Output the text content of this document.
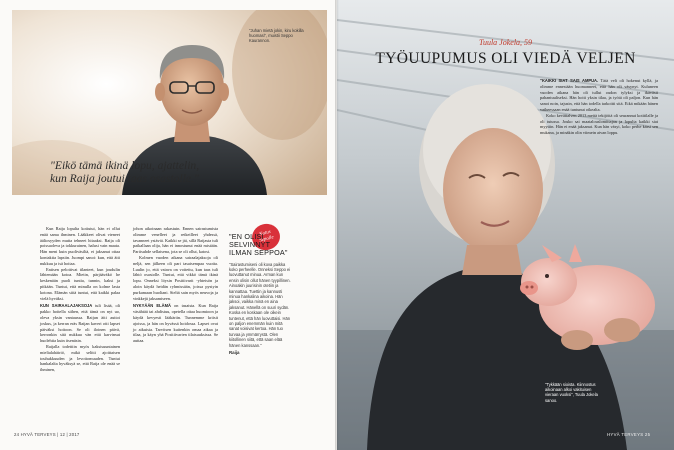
"Juhan mietä jokin, kiru kokilla huomasi", muistii Seppo Kaurannon.
"Eikö tämä ikinä lopu, ajattelin, kun Raija joutui taas osastolle."

Kun Raija lopulta kotiutui, hän ei ollut enää sama ihminen. Lääkkeet olivat vieneet ääliosyyden mutta tehneet hitaaksi. Raija oli poissaoleva ja tokkurainen, halusi vain maata. Hän meni kuin puoliväsiltä, ei jaksanut ottaa kontaktia lapsiin. Juompi sanoi: kun, että äiti nukkuu ja isä hoitaa.

Entisen pelottivat tilanteet, kun joudulin lähtemään kotoa. Mietin, pärjääväkö he keskenään puoli tuntia, tunnin, kaksi ja pitkään. Tuntui, että minulla on kolme lasta kotona. Elämän siitä tuntui, että kaikki palaa vielä hyväksi.

KUN SAIRAALAJAKSOJA tuli lisää, oli pakko hoitella siihen, että tämä on nyt uo, oleva yksin vantaussa. Raijan äiti auttoi joskus, ja kerran eräs Raijan kaveri otti lapset päiväksi hoitoon. Se oli iloinen päivä, kerronkin sitä nukkua vän että karvinsut huolehtia kuin itsenäsin.

Raijalla todettiin myös kaksisuuntainen mielialahäiriö, mikä selitti ajoittaisen touhukkuuden ja levottomuuden. Tuntui hankalalta hyväksyä se, että Raija ole enää se ihminen,

johon aikoinaan rakastuin. Ennen sairastumista olimme venelleet ja retkeilleet yhdessä, tavanneet ystäviä. Kaikki se jäi, sillä Raijasta tuli paikallaan olija, hän ei innostunut enää mistään. Pariisuhde sellaisena, jota se oli ollut, katosi.

Kolmen vuoden aikana sairaalajaksoja oli neljä, sen jälkeen oli pari tasaisempaa vuotta. Luulin jo, että vaiava on voitettu, kun taas tuli lähtö osastolle. Tuntui, että vikkö tämä ikinä lopu. Onneksi löysin Positiivarit -yhteisön ja aloin käydä heidän ryhmissään, joissa pystyin purkamaan huoliani. Sieltä sain myös neuvoja ja vinkkejä jaksamiseen.

NYKYÄÄN ELÄMÄ on tasaista. Kun Raija väsähtää tai ahdistuu, opetella ottaa huomioon ja käydä kevyesti lääkäriin. Tunnemme kriisit ajoissa, ja hän on hyvässä hoidossa. Lapset ovat jo aikuisia. Tarvitsen kuitenkin omaa aikaa ja tilaa, ja käyn yhä Positiivarien tilaisuuksissa. Se auttaa.

Kotus Sepolle
"EN OLISI SELVINNYT ILMAN SEPPOA"
"Sairastumiseni oli kova paikka koko perheelle. Onneksi Seppo ei luovuttanut minua. Arman kun ensin olisin ollut hänen tyypillinen. Ainoakin juurisinin otetiin ja kannattaa. Tuettin ja kannusti minua hankalina aikoina. Hän jaksoi, vaikka minä en aina jaksanut. Hänellä on suuri sydän. Koska en koskaan ole oikein tuntenut, että hän luovuttaisi. Hän on paljon enemmän kuin mitä sanat voisivat kertoa. Hän tuo turvaa ja ymmärrystä. Olen kiitollinen siitä, että saan elää hänen kanssaan."
Raija
24 HYVÄ TERVEYS | 12 | 2017
Tuula Jokela, 59
TYÖUUPUMUS OLI VIEDÄ VELJEN
HYVÄ TERVEYS 25

"KAIKKI SIAT SAIS AMPUA. Tätä veli oli hokenut kyllä, ja olimme ennestään huomanneet, että hän oli väsynyt. Kuluneen vuoden aikana hän oli tullut oudon tylyksi ja ikävästi pahantuuliseksi. Hän hoiti yksin tilaa, ja työtä oli paljon. Kun hän sanoi noin, tajusin, että hän todella tarkoitti sitä. Eikä mikään hänen vaiheessaan enää tuntunut oikealta.

Koko kevättalven 2013 meitä tekijöitä oli seurannut kotitilalle ja oli tutussa. Jouko sai maatalouslomittajan ja lopulta kaikki siat myytiin. Hän ei enää jaksanut. Kun hän väsyi, koko perhe kärsi sen mukana, ja minäkin olin viimein aivan loppu.

"Tykkään sioista. Kiinnostus aikoinaan alkoi vakituisen vieraan vuoksi", Tuula Jokela sanoo.
